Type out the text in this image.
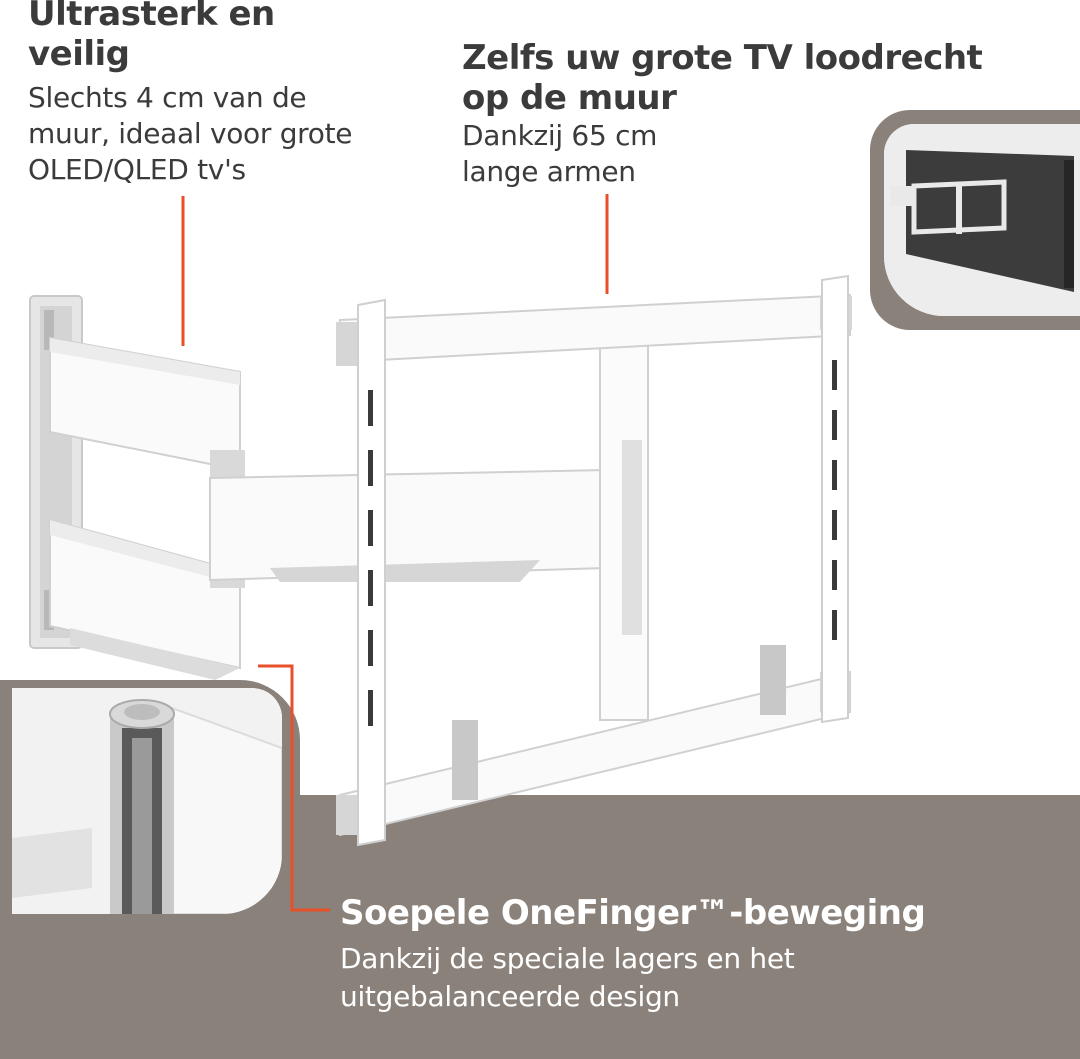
Ultrasterk en
veilig
Slechts 4 cm van de
muur, ideaal voor grote
OLED/QLED tv's
Zelfs uw grote TV loodrecht
op de muur
Dankzij 65 cm
lange armen
Soepele OneFinger™-beweging
Dankzij de speciale lagers en het
uitgebalanceerde design
